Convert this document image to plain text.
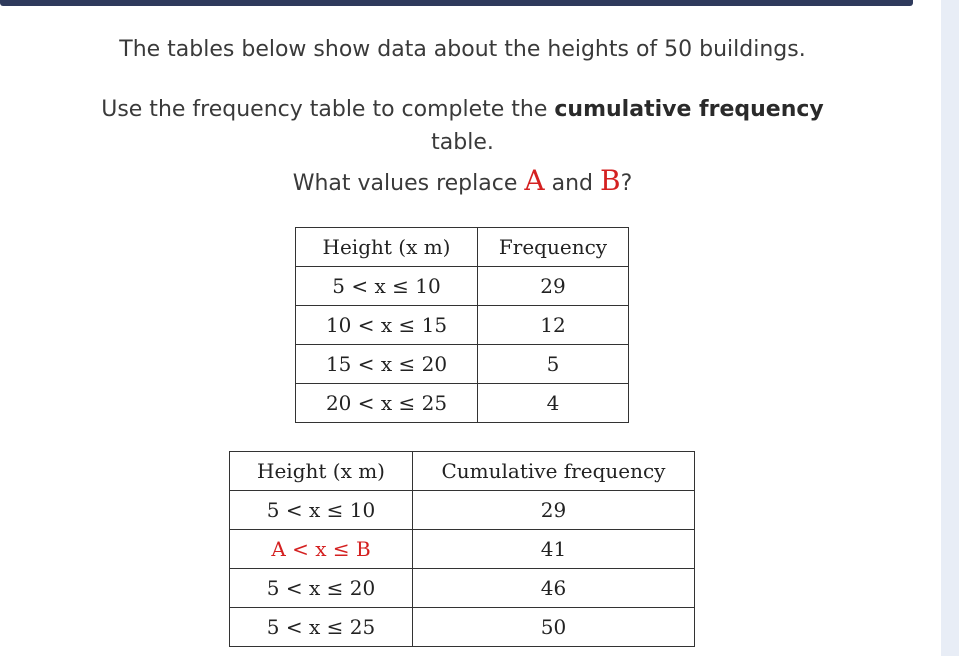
The tables below show data about the heights of 50 buildings.
Use the frequency table to complete the cumulative frequency
table.
What values replace A and B?
Height (x m)	Frequency
5 < x ≤ 10	29
10 < x ≤ 15	12
15 < x ≤ 20	5
20 < x ≤ 25	4
Height (x m)	Cumulative frequency
5 < x ≤ 10	29
A < x ≤ B	41
5 < x ≤ 20	46
5 < x ≤ 25	50
